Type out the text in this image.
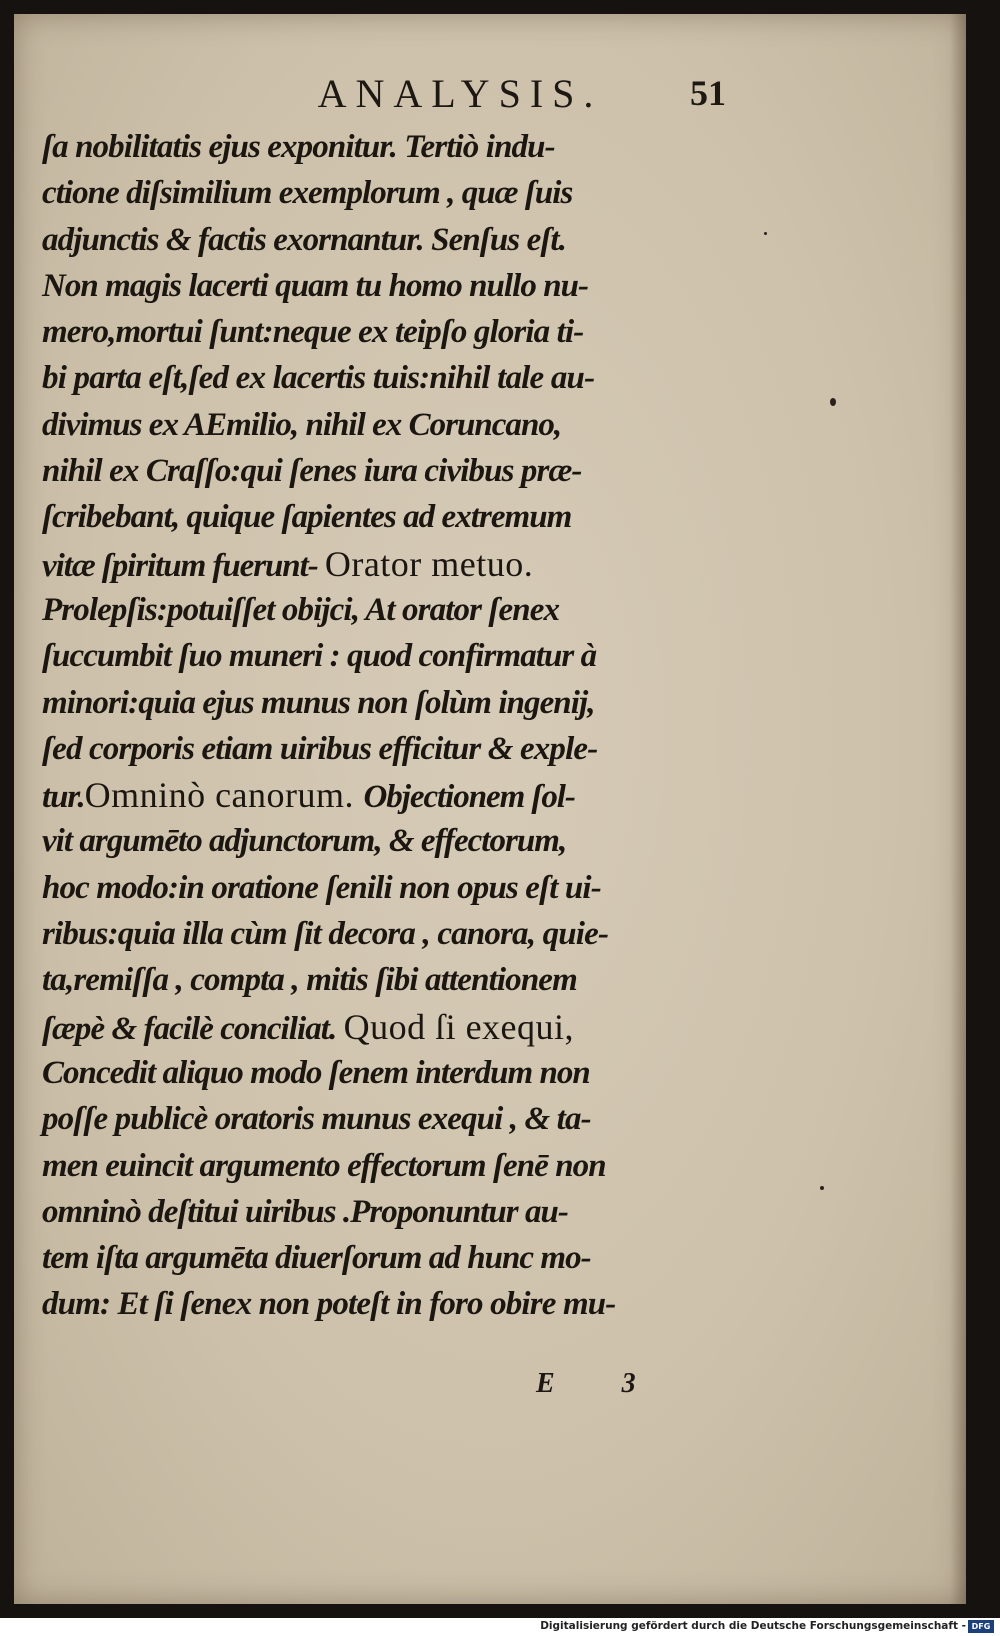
ANALYSIS.	51
ſa nobilitatis ejus exponitur. Tertiò indu-
ctione diſsimilium exemplorum , quæ ſuis
adjunctis & factis exornantur. Senſus eſt.
Non magis lacerti quam tu homo nullo nu-
mero,mortui ſunt:neque ex teipſo gloria ti-
bi parta eſt,ſed ex lacertis tuis:nihil tale au-
divimus ex AEmilio, nihil ex Coruncano,
nihil ex Craſſo:qui ſenes iura civibus præ-
ſcribebant, quique ſapientes ad extremum
vitæ ſpiritum fuerunt- Orator metuo.
Prolepſis:potuiſſet obijci, At orator ſenex
ſuccumbit ſuo muneri : quod confirmatur à
minori:quia ejus munus non ſolùm ingenij,
ſed corporis etiam uiribus efficitur & exple-
tur.Omninò canorum. Objectionem ſol-
vit argumēto adjunctorum, & effectorum,
hoc modo:in oratione ſenili non opus eſt ui-
ribus:quia illa cùm ſit decora , canora, quie-
ta,remiſſa , compta , mitis ſibi attentionem
ſæpè & facilè conciliat. Quod ſi exequi,
Concedit aliquo modo ſenem interdum non
poſſe publicè oratoris munus exequi , & ta-
men euincit argumento effectorum ſenē non
omninò deſtitui uiribus .Proponuntur au-
tem iſta argumēta diuerſorum ad hunc mo-
dum: Et ſi ſenex non poteſt in foro obire mu-
E 3
Digitalisierung gefördert durch die Deutsche Forschungsgemeinschaft - DFG
